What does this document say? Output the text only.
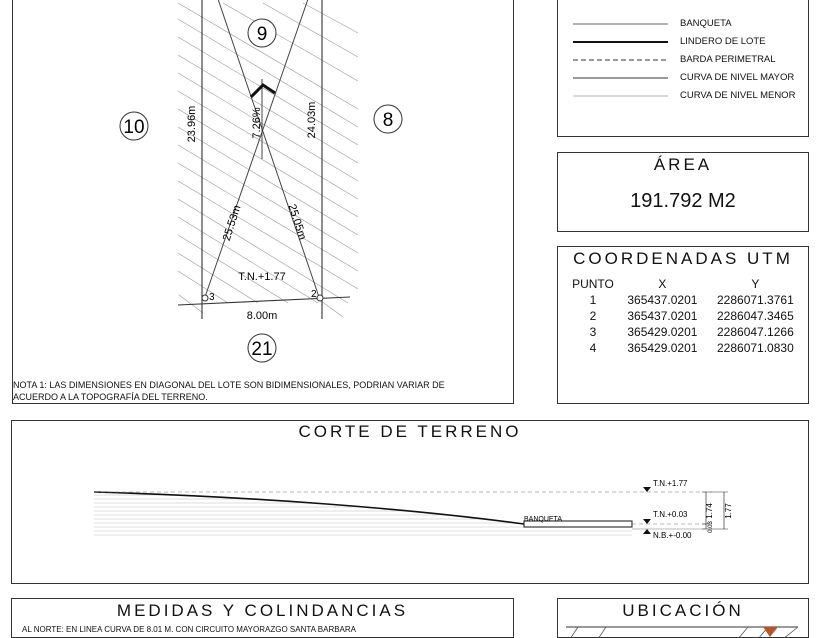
9
10	8
21
23.96m	24.03m
7.26%
25.53m	25.05m
T.N.+1.77
8.00m
3	2
NOTA 1: LAS DIMENSIONES EN DIAGONAL DEL LOTE SON BIDIMENSIONALES, PODRIAN VARIAR DE ACUERDO A LA TOPOGRAFÍA DEL TERRENO.
BANQUETA
LINDERO DE LOTE
BARDA PERIMETRAL
CURVA DE NIVEL MAYOR
CURVA DE NIVEL MENOR
ÁREA
191.792 M2
COORDENADAS UTM
PUNTO	X	Y
1	365437.0201	2286071.3761
2	365437.0201	2286047.3465
3	365429.0201	2286047.1266
4	365429.0201	2286071.0830
CORTE DE TERRENO
BANQUETA
T.N.+1.77
T.N.+0.03
N.B.+-0.00
1.74
0.03
1.77
MEDIDAS Y COLINDANCIAS
AL NORTE: EN LINEA CURVA DE 8.01 M. CON CIRCUITO MAYORAZGO SANTA BARBARA
UBICACIÓN
